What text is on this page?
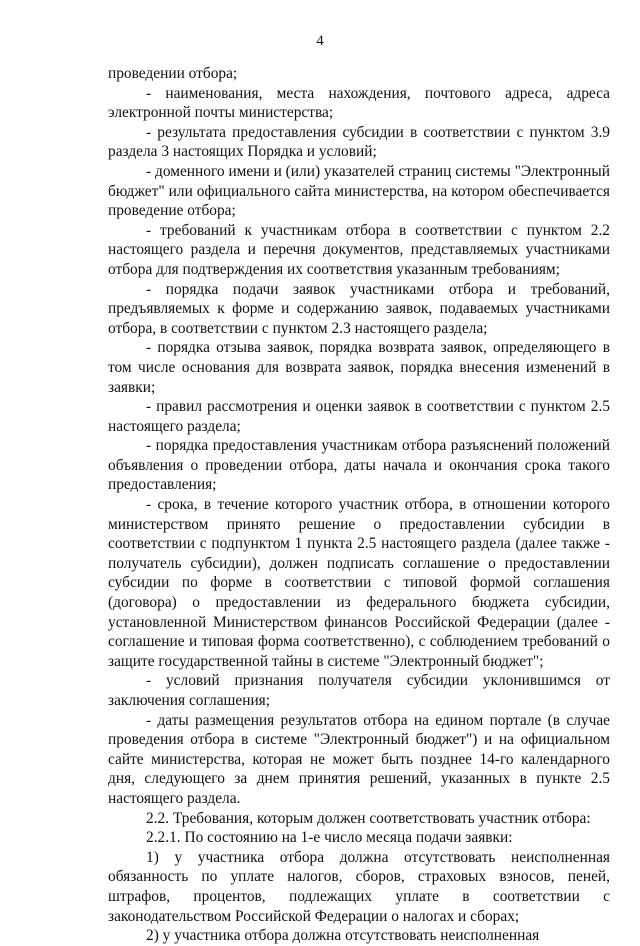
4

проведении отбора;

- наименования, места нахождения, почтового адреса, адреса электронной почты министерства;

- результата предоставления субсидии в соответствии с пунктом 3.9 раздела 3 настоящих Порядка и условий;

- доменного имени и (или) указателей страниц системы "Электронный бюджет" или официального сайта министерства, на котором обеспечивается проведение отбора;

- требований к участникам отбора в соответствии с пунктом 2.2 настоящего раздела и перечня документов, представляемых участниками отбора для подтверждения их соответствия указанным требованиям;

- порядка подачи заявок участниками отбора и требований, предъявляемых к форме и содержанию заявок, подаваемых участниками отбора, в соответствии с пунктом 2.3 настоящего раздела;

- порядка отзыва заявок, порядка возврата заявок, определяющего в том числе основания для возврата заявок, порядка внесения изменений в заявки;

- правил рассмотрения и оценки заявок в соответствии с пунктом 2.5 настоящего раздела;

- порядка предоставления участникам отбора разъяснений положений объявления о проведении отбора, даты начала и окончания срока такого предоставления;

- срока, в течение которого участник отбора, в отношении которого министерством принято решение о предоставлении субсидии в соответствии с подпунктом 1 пункта 2.5 настоящего раздела (далее также - получатель субсидии), должен подписать соглашение о предоставлении субсидии по форме в соответствии с типовой формой соглашения (договора) о предоставлении из федерального бюджета субсидии, установленной Министерством финансов Российской Федерации (далее - соглашение и типовая форма соответственно), с соблюдением требований о защите государственной тайны в системе "Электронный бюджет";

- условий признания получателя субсидии уклонившимся от заключения соглашения;

- даты размещения результатов отбора на едином портале (в случае проведения отбора в системе "Электронный бюджет") и на официальном сайте министерства, которая не может быть позднее 14-го календарного дня, следующего за днем принятия решений, указанных в пункте 2.5 настоящего раздела.

2.2. Требования, которым должен соответствовать участник отбора:

2.2.1. По состоянию на 1-е число месяца подачи заявки:

1) у участника отбора должна отсутствовать неисполненная обязанность по уплате налогов, сборов, страховых взносов, пеней, штрафов, процентов, подлежащих уплате в соответствии с законодательством Российской Федерации о налогах и сборах;

2) у участника отбора должна отсутствовать неисполненная
